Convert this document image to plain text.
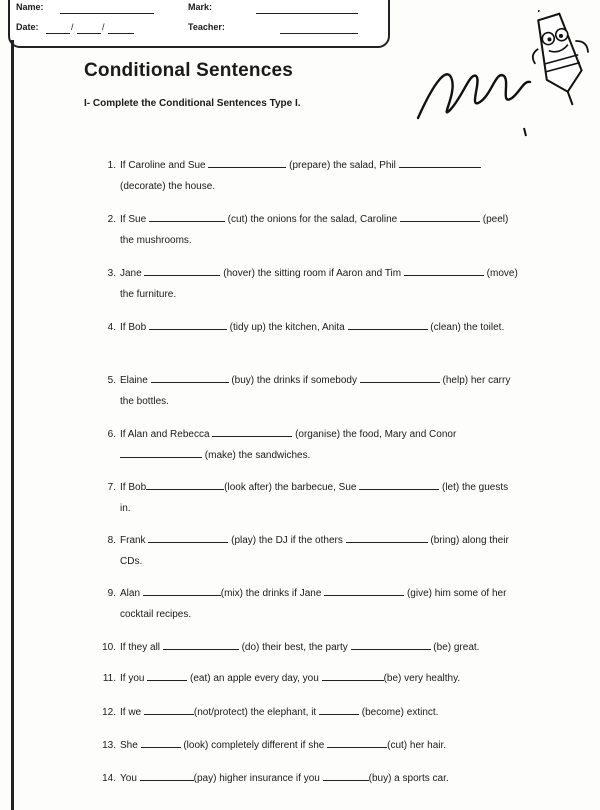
Name:
Date:	/	/
Mark:
Teacher:
Conditional Sentences
I- Complete the Conditional Sentences Type I.
1. If Caroline and Sue	(prepare) the salad, Phil  (decorate) the house.
2. If Sue	(cut) the onions for the salad, Caroline	(peel) the mushrooms.
3. Jane	(hover) the sitting room if Aaron and Tim	(move) the furniture.
4. If Bob	(tidy up) the kitchen, Anita	(clean) the toilet.
5. Elaine	(buy) the drinks if somebody	(help) her carry the bottles.
6. If Alan and Rebecca	(organise) the food, Mary and Conor  (make) the sandwiches.
7. If Bob	(look after) the barbecue, Sue	(let) the guests in.
8. Frank	(play) the DJ if the others	(bring) along their CDs.
9. Alan	(mix) the drinks if Jane	(give) him some of her cocktail recipes.
10. If they all	(do) their best, the party	(be) great.
11. If you	(eat) an apple every day, you	(be) very healthy.
12. If we	(not/protect) the elephant, it	(become) extinct.
13. She	(look) completely different if she	(cut) her hair.
14. You	(pay) higher insurance if you	(buy) a sports car.
